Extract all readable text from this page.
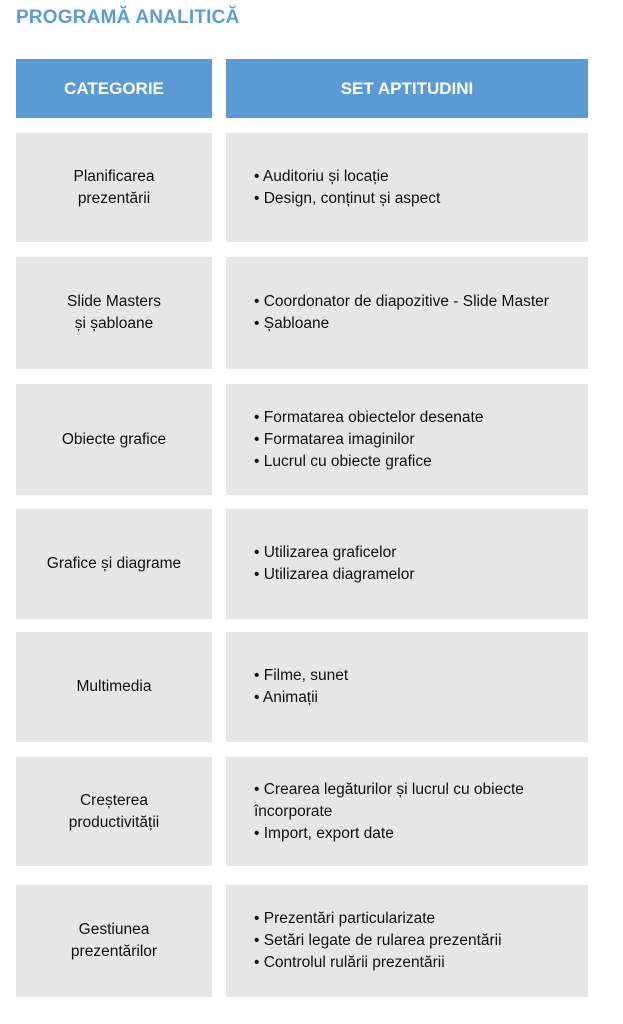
PROGRAMĂ ANALITICĂ
CATEGORIE	SET APTITUDINI
Planificarea
prezentării
• Auditoriu și locație
• Design, conținut și aspect
Slide Masters
și șabloane
• Coordonator de diapozitive - Slide Master
• Șabloane
Obiecte grafice
• Formatarea obiectelor desenate
• Formatarea imaginilor
• Lucrul cu obiecte grafice
Grafice și diagrame
• Utilizarea graficelor
• Utilizarea diagramelor
Multimedia
• Filme, sunet
• Animații
Creșterea
productivității
• Crearea legăturilor și lucrul cu obiecte încorporate
• Import, export date
Gestiunea
prezentărilor
• Prezentări particularizate
• Setări legate de rularea prezentării
• Controlul rulării prezentării
